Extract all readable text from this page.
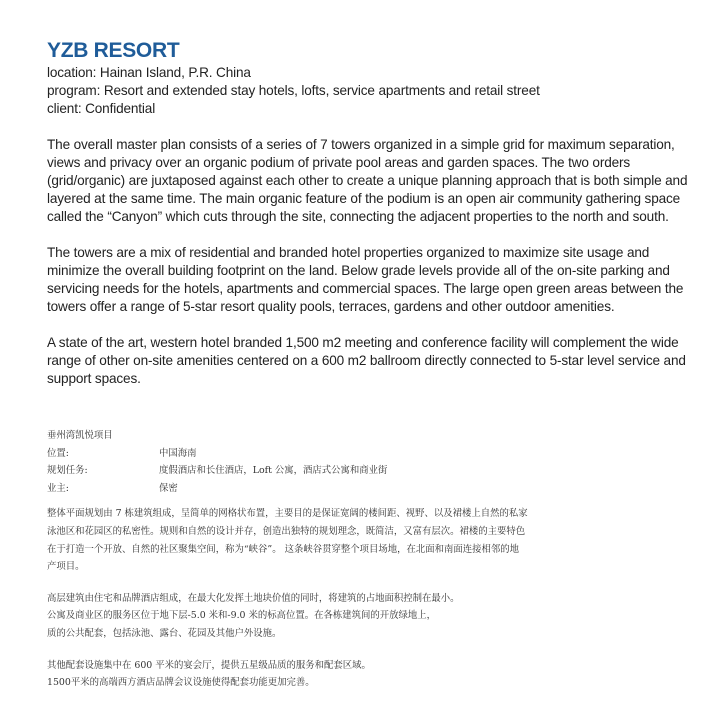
YZB RESORT

location: Hainan Island, P.R. China

program: Resort and extended stay hotels, lofts, service apartments and retail street

client: Confidential

The overall master plan consists of a series of 7 towers organized in a simple grid for maximum separation, views and privacy over an organic podium of private pool areas and garden spaces. The two orders (grid/organic) are juxtaposed against each other to create a unique planning approach that is both simple and layered at the same time. The main organic feature of the podium is an open air community gathering space called the “Canyon” which cuts through the site, connecting the adjacent properties to the north and south.

The towers are a mix of residential and branded hotel properties organized to maximize site usage and minimize the overall building footprint on the land. Below grade levels provide all of the on-site parking and servicing needs for the hotels, apartments and commercial spaces. The large open green areas between the towers offer a range of 5-star resort quality pools, terraces, gardens and other outdoor amenities.

A state of the art, western hotel branded 1,500 m2 meeting and conference facility will complement the wide range of other on-site amenities centered on a 600 m2 ballroom directly connected to 5-star level service and support spaces.

垂州湾凯悦项目

位置:	中国海南
规划任务:	度假酒店和长住酒店，Loft 公寓，酒店式公寓和商业街
业主:	保密

整体平面规划由 7 栋建筑组成，呈简单的网格状布置，主要目的是保证宽阔的楼间距、视野、以及裙楼上自然的私家

泳池区和花园区的私密性。规则和自然的设计并存，创造出独特的规划理念，既简洁，又富有层次。裙楼的主要特色

在于打造一个开放、自然的社区聚集空间，称为“峡谷”。 这条峡谷贯穿整个项目场地，在北面和南面连接相邻的地

产项目。

高层建筑由住宅和品牌酒店组成，在最大化发挥土地块价值的同时，将建筑的占地面积控制在最小。

公寓及商业区的服务区位于地下层-5.0 米和-9.0 米的标高位置。在各栋建筑间的开放绿地上，

质的公共配套，包括泳池、露台、花园及其他户外设施。

其他配套设施集中在 600 平米的宴会厅，提供五星级品质的服务和配套区域。

1500平米的高端西方酒店品牌会议设施使得配套功能更加完善。
